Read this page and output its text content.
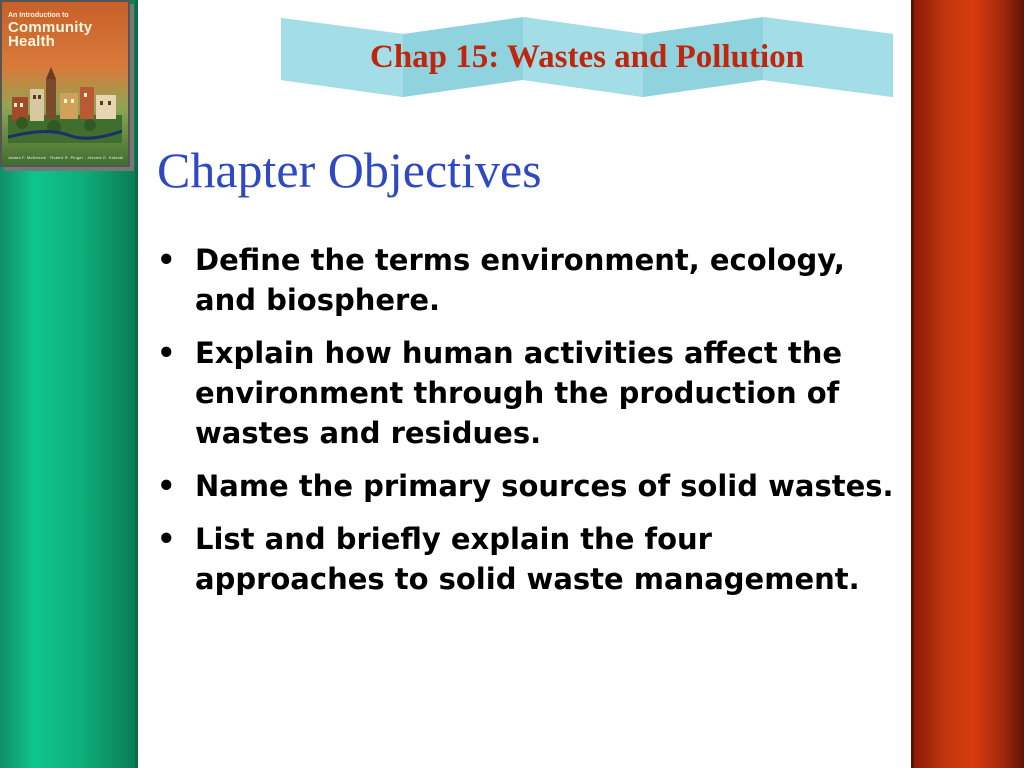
An Introduction to
Community
Health
James F. McKenzie · Robert R. Pinger · Jerome E. Kotecki
Chap 15: Wastes and Pollution
Chapter Objectives
• Define the terms environment, ecology, and biosphere.
• Explain how human activities affect the environment through the production of wastes and residues.
• Name the primary sources of solid wastes.
• List and briefly explain the four approaches to solid waste management.
